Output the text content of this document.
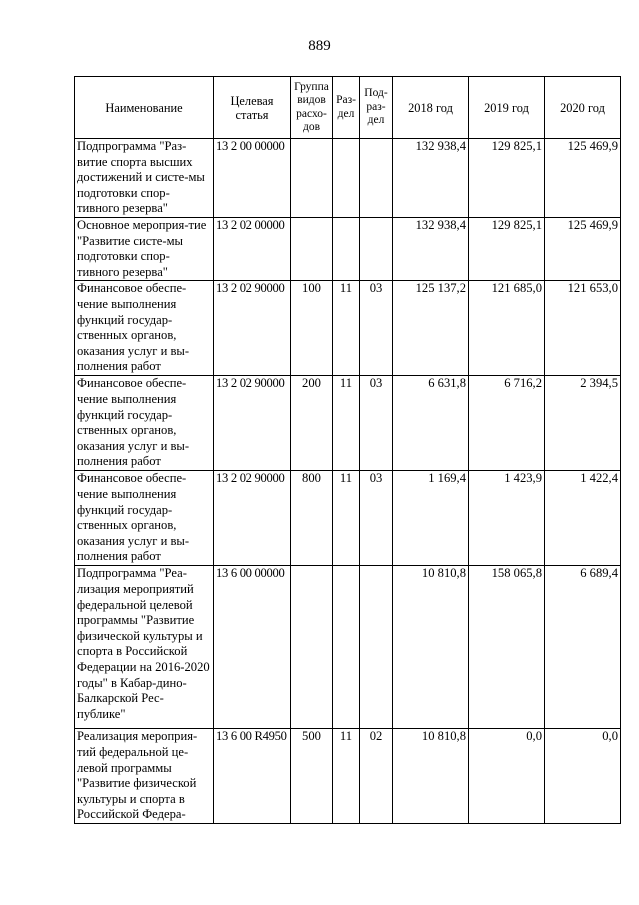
889
Наименование	Целевая статья	Группа видов расхо-дов	Раз-дел	Под-раз-дел	2018 год	2019 год	2020 год
Подпрограмма "Раз-витие спорта высших достижений и систе-мы подготовки спор-тивного резерва"	13 2 00 00000				132 938,4	129 825,1	125 469,9
Основное мероприя-тие "Развитие систе-мы подготовки спор-тивного резерва"	13 2 02 00000				132 938,4	129 825,1	125 469,9
Финансовое обеспе-чение выполнения функций государ-ственных органов, оказания услуг и вы-полнения работ	13 2 02 90000	100	11	03	125 137,2	121 685,0	121 653,0
Финансовое обеспе-чение выполнения функций государ-ственных органов, оказания услуг и вы-полнения работ	13 2 02 90000	200	11	03	6 631,8	6 716,2	2 394,5
Финансовое обеспе-чение выполнения функций государ-ственных органов, оказания услуг и вы-полнения работ	13 2 02 90000	800	11	03	1 169,4	1 423,9	1 422,4
Подпрограмма "Реа-лизация мероприятий федеральной целевой программы "Развитие физической культуры и спорта в Российской Федерации на 2016-2020 годы" в Кабар-дино-Балкарской Рес-публике"	13 6 00 00000				10 810,8	158 065,8	6 689,4
Реализация мероприя-тий федеральной це-левой программы "Развитие физической культуры и спорта в Российской Федера-	13 6 00 R4950	500	11	02	10 810,8	0,0	0,0
